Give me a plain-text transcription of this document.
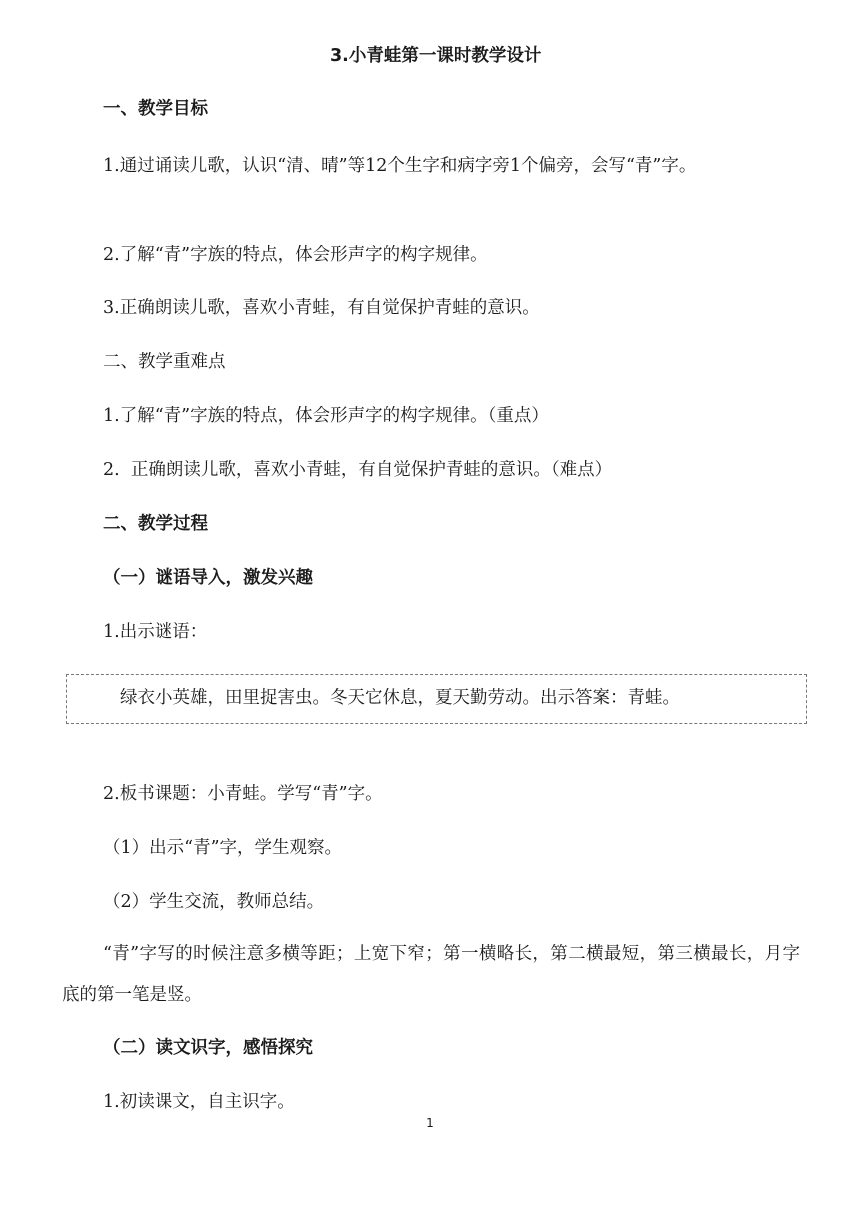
3.小青蛙第一课时教学设计
一、教学目标
1.通过诵读儿歌，认识“清、晴”等12个生字和病字旁1个偏旁，会写“青”字。
2.了解“青”字族的特点，体会形声字的构字规律。
3.正确朗读儿歌，喜欢小青蛙，有自觉保护青蛙的意识。
二、教学重难点
1.了解“青”字族的特点，体会形声字的构字规律。（重点）
2.  正确朗读儿歌，喜欢小青蛙，有自觉保护青蛙的意识。（难点）
二、教学过程
（一）谜语导入，激发兴趣
1.出示谜语：
绿衣小英雄，田里捉害虫。冬天它休息，夏天勤劳动。出示答案：青蛙。
2.板书课题：小青蛙。学写“青”字。
（1）出示“青”字，学生观察。
（2）学生交流，教师总结。
“青”字写的时候注意多横等距；上宽下窄；第一横略长，第二横最短，第三横最长，月字底的第一笔是竖。
（二）读文识字，感悟探究
1.初读课文，自主识字。
1
